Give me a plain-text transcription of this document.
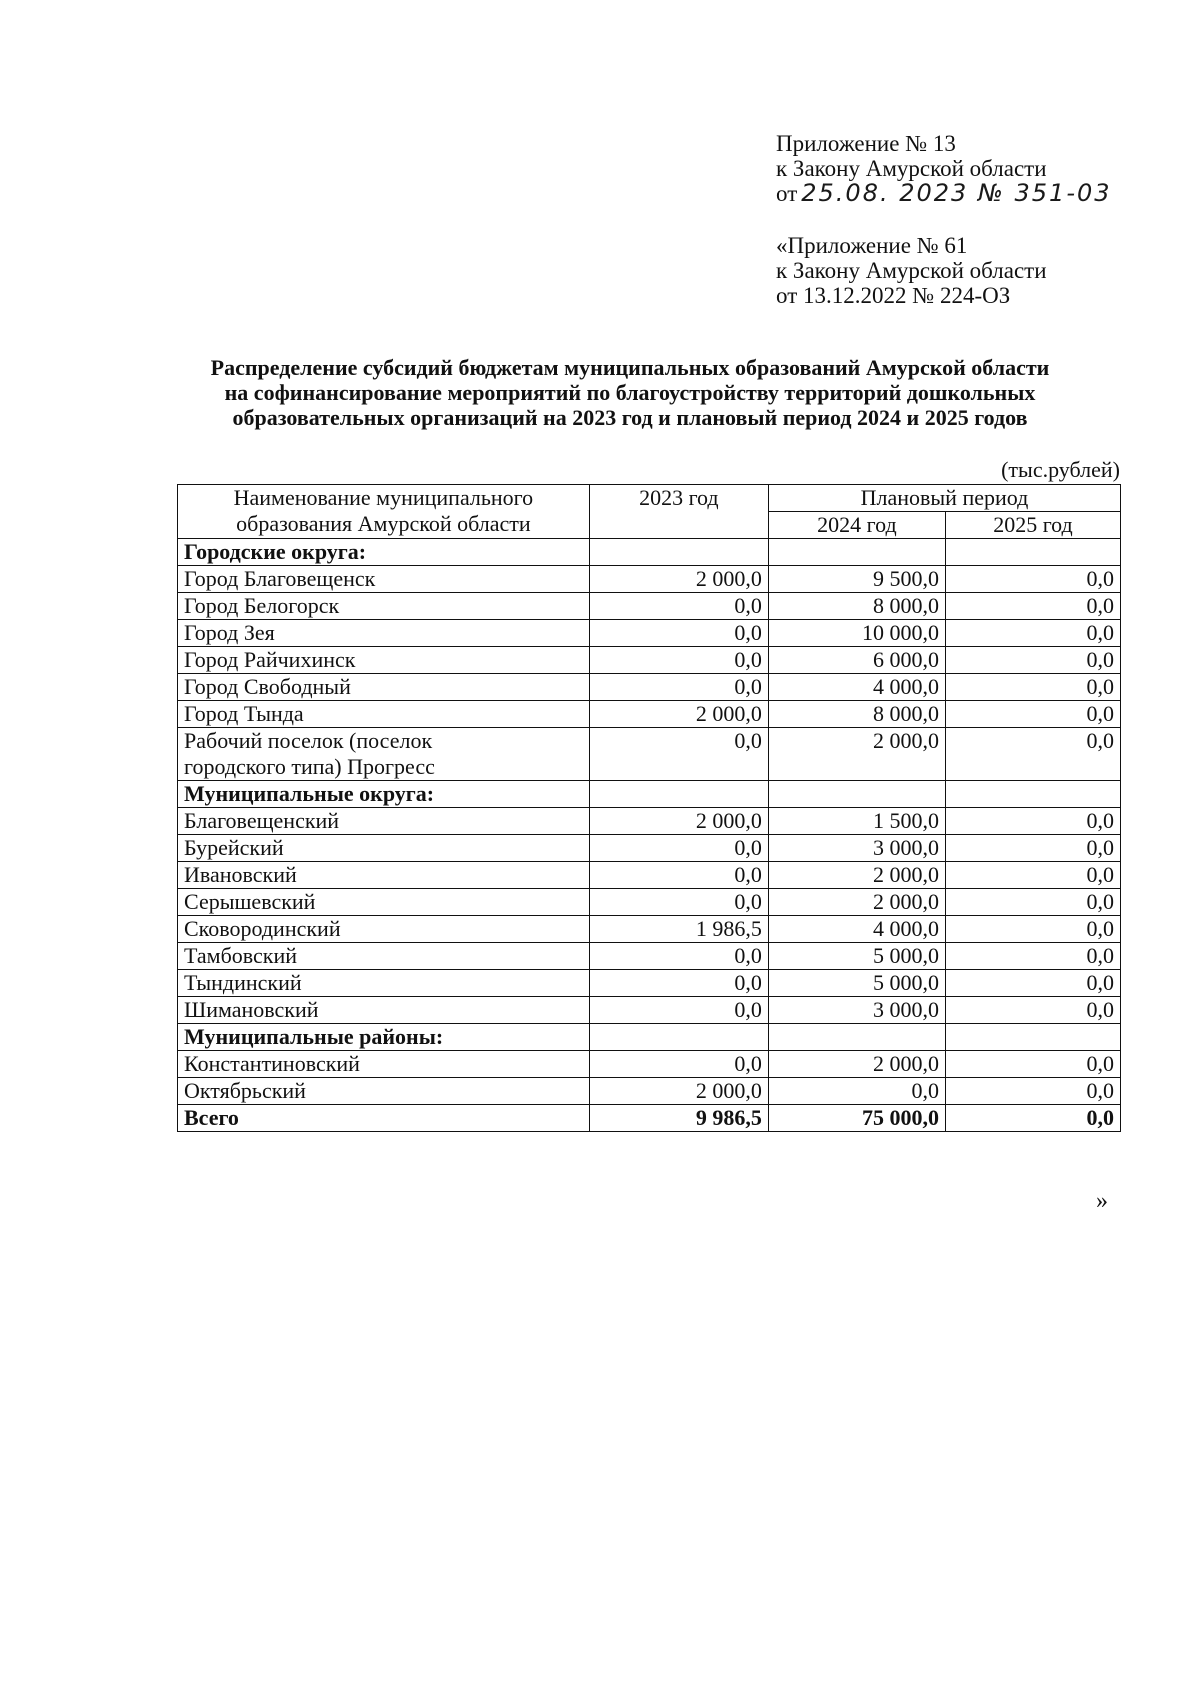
Приложение № 13
к Закону Амурской области
от 25.08. 2023 № 351-03
«Приложение № 61
к Закону Амурской области
от 13.12.2022 № 224-ОЗ
Распределение субсидий бюджетам муниципальных образований Амурской области
на софинансирование мероприятий по благоустройству территорий дошкольных
образовательных организаций на 2023 год и плановый период 2024 и 2025 годов
(тыс.рублей)
Наименование муниципального
образования Амурской области	2023 год	Плановый период	
		2024 год	2025 год
Городские округа:			
Город Благовещенск	2 000,0	9 500,0	0,0
Город Белогорск	0,0	8 000,0	0,0
Город Зея	0,0	10 000,0	0,0
Город Райчихинск	0,0	6 000,0	0,0
Город Свободный	0,0	4 000,0	0,0
Город Тында	2 000,0	8 000,0	0,0

Рабочий поселок (поселок
городского типа) Прогресс	0,0	2 000,0	0,0
Муниципальные округа:			
Благовещенский	2 000,0	1 500,0	0,0
Бурейский	0,0	3 000,0	0,0
Ивановский	0,0	2 000,0	0,0
Серышевский	0,0	2 000,0	0,0
Сковородинский	1 986,5	4 000,0	0,0
Тамбовский	0,0	5 000,0	0,0
Тындинский	0,0	5 000,0	0,0
Шимановский	0,0	3 000,0	0,0
Муниципальные районы:			
Константиновский	0,0	2 000,0	0,0
Октябрьский	2 000,0	0,0	0,0
Всего	9 986,5	75 000,0	0,0
»
